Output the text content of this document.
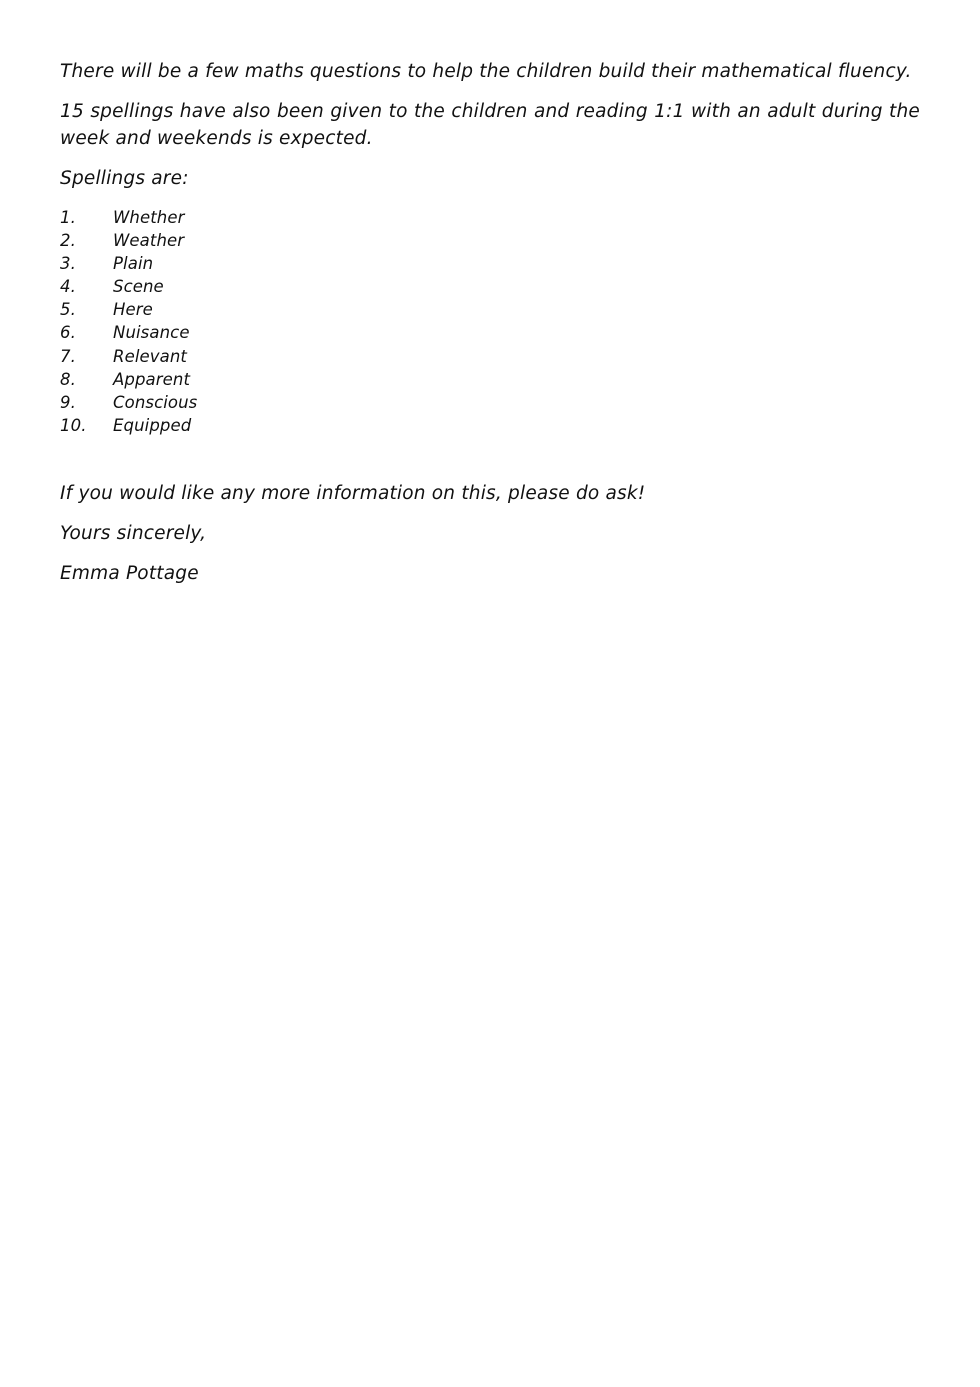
There will be a few maths questions to help the children build their mathematical fluency.

15 spellings have also been given to the children and reading 1:1 with an adult during the week and weekends is expected.

Spellings are:

1.	Whether
2.	Weather
3.	Plain
4.	Scene
5.	Here
6.	Nuisance
7.	Relevant
8.	Apparent
9.	Conscious
10.	Equipped

If you would like any more information on this, please do ask!

Yours sincerely,

Emma Pottage
